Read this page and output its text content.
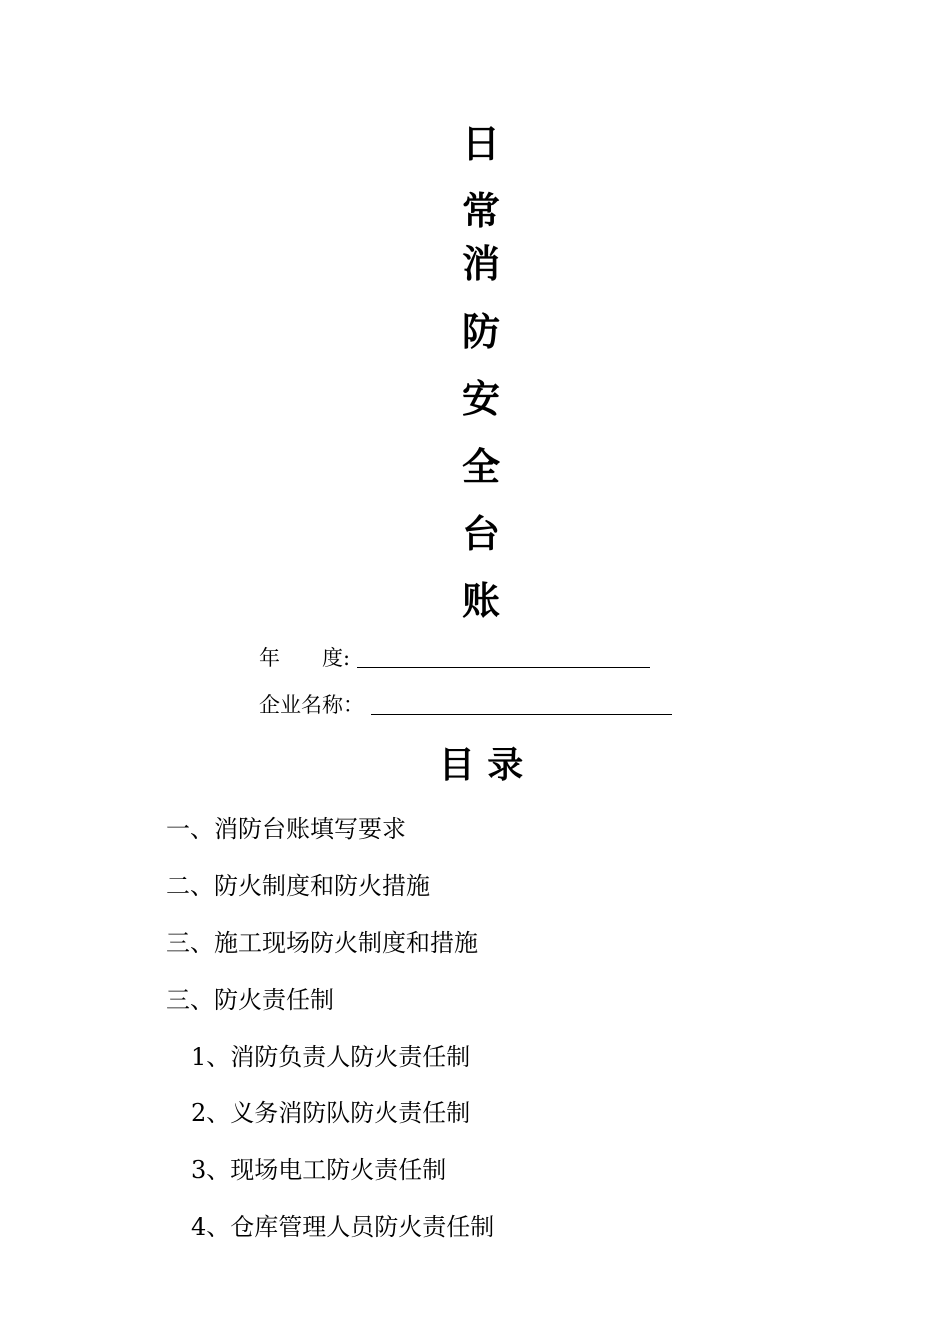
日
常
消
防
安
全
台
账
年　　度:
企业名称：
目 录
一、消防台账填写要求
二、防火制度和防火措施
三、施工现场防火制度和措施
三、防火责任制
1、消防负责人防火责任制
2、义务消防队防火责任制
3、现场电工防火责任制
4、仓库管理人员防火责任制
